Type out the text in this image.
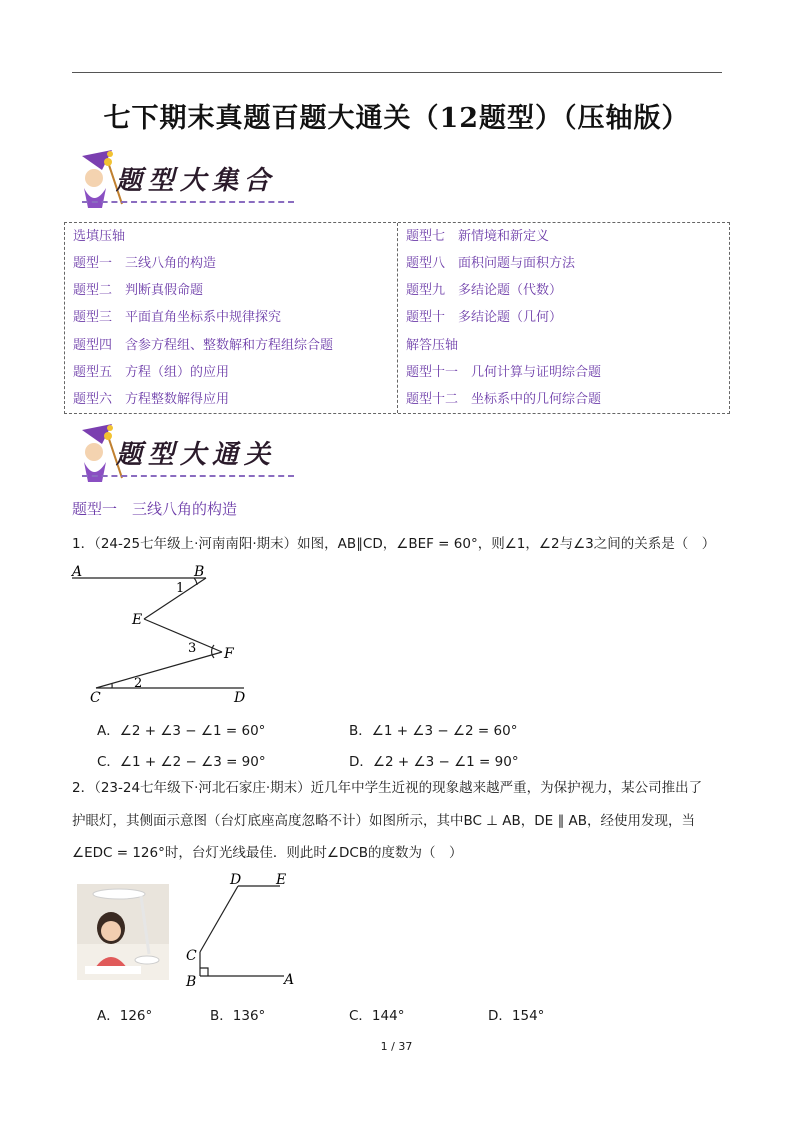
七下期末真题百题大通关（12题型）（压轴版）
题型大集合
选填压轴
题型一　三线八角的构造
题型二　判断真假命题
题型三　平面直角坐标系中规律探究
题型四　含参方程组、整数解和方程组综合题
题型五　方程（组）的应用
题型六　方程整数解得应用
题型七　新情境和新定义
题型八　面积问题与面积方法
题型九　多结论题（代数）
题型十　多结论题（几何）
解答压轴
题型十一　几何计算与证明综合题
题型十二　坐标系中的几何综合题
题型大通关
题型一　三线八角的构造
1．（24-25七年级上·河南南阳·期末）如图，AB∥CD，∠BEF = 60°，则∠1，∠2与∠3之间的关系是（　）
A	B
E
F
C	D
1
2
3
A．∠2 + ∠3 − ∠1 = 60°	B．∠1 + ∠3 − ∠2 = 60°
C．∠1 + ∠2 − ∠3 = 90°	D．∠2 + ∠3 − ∠1 = 90°
2．（23-24七年级下·河北石家庄·期末）近几年中学生近视的现象越来越严重，为保护视力，某公司推出了
护眼灯，其侧面示意图（台灯底座高度忽略不计）如图所示，其中BC ⊥ AB，DE ∥ AB，经使用发现，当
∠EDC = 126°时，台灯光线最佳．则此时∠DCB的度数为（　）
D E
C
B	A
A．126°	B．136°	C．144°	D．154°
1 / 37
